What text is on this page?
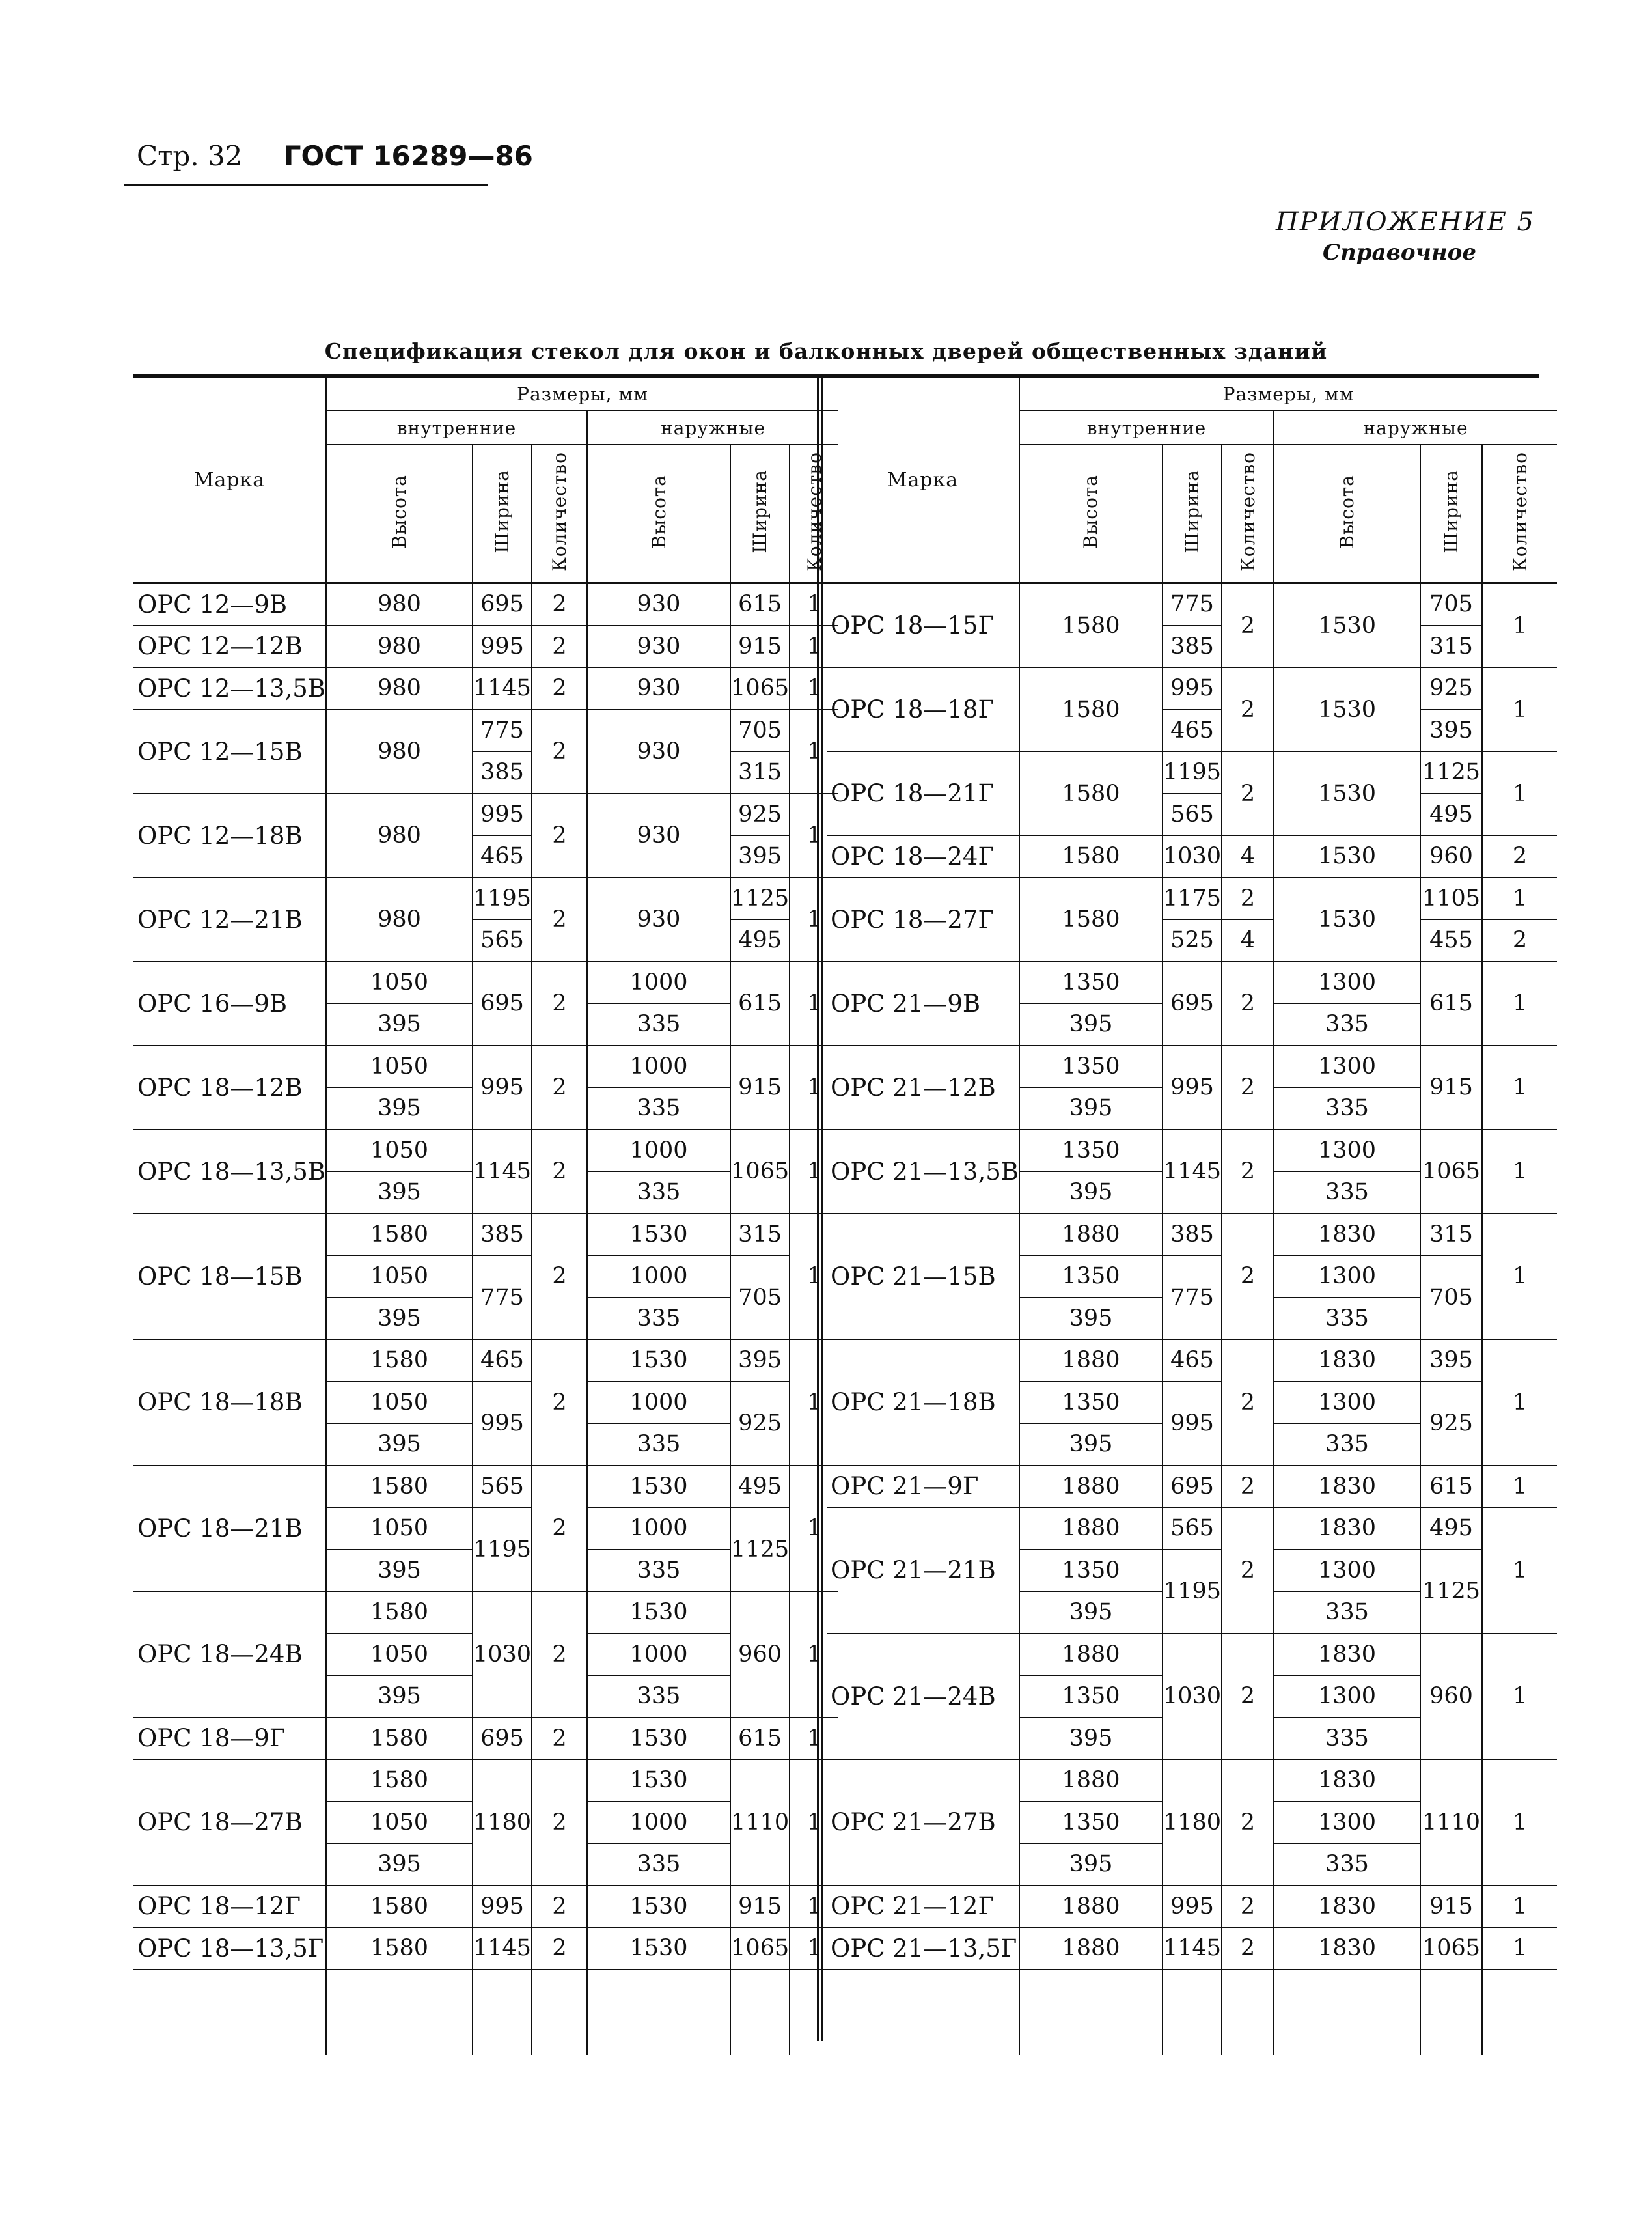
Стр. 32 ГОСТ 16289—86
ПРИЛОЖЕНИЕ 5
Справочное
Спецификация стекол для окон и балконных дверей общественных зданий
Марка	Размеры, мм					
	внутренние			наружные		
	Высота	Ширина	Количество	Высота	Ширина	Количество
ОРС 12—9В	980	695	2	930	615	1
ОРС 12—12В	980	995	2	930	915	1
ОРС 12—13,5В	980	1145	2	930	1065	1
ОРС 12—15В	980	775	2	930	705	1
		385			315	
ОРС 12—18В	980	995	2	930	925	1
		465			395	
ОРС 12—21В	980	1195	2	930	1125	1
		565			495	
ОРС 16—9В	1050	695	2	1000	615	1
	395			335		
ОРС 18—12В	1050	995	2	1000	915	1
	395			335		
ОРС 18—13,5В	1050	1145	2	1000	1065	1
	395			335		
ОРС 18—15В	1580	385	2	1530	315	1
	1050	775		1000	705	
	395			335		
ОРС 18—18В	1580	465	2	1530	395	1
	1050	995		1000	925	
	395			335		
ОРС 18—21В	1580	565	2	1530	495	1
	1050	1195		1000	1125	
	395			335		
ОРС 18—24В	1580	1030	2	1530	960	1
	1050			1000		
	395			335		
ОРС 18—9Г	1580	695	2	1530	615	1
ОРС 18—27В	1580	1180	2	1530	1110	1
	1050			1000		
	395			335		
ОРС 18—12Г	1580	995	2	1530	915	1
ОРС 18—13,5Г	1580	1145	2	1530	1065	1

Марка	Размеры, мм					
	внутренние			наружные		
	Высота	Ширина	Количество	Высота	Ширина	Количество
ОРС 18—15Г	1580	775	2	1530	705	1
		385			315	
ОРС 18—18Г	1580	995	2	1530	925	1
		465			395	
ОРС 18—21Г	1580	1195	2	1530	1125	1
		565			495	
ОРС 18—24Г	1580	1030	4	1530	960	2
ОРС 18—27Г	1580	1175	2	1530	1105	1
		525	4		455	2
ОРС 21—9В	1350	695	2	1300	615	1
	395			335		
ОРС 21—12В	1350	995	2	1300	915	1
	395			335		
ОРС 21—13,5В	1350	1145	2	1300	1065	1
	395			335		
ОРС 21—15В	1880	385	2	1830	315	1
	1350	775		1300	705	
	395			335		
ОРС 21—18В	1880	465	2	1830	395	1
	1350	995		1300	925	
	395			335		
ОРС 21—9Г	1880	695	2	1830	615	1
ОРС 21—21В	1880	565	2	1830	495	1
	1350	1195		1300	1125	
	395			335		
ОРС 21—24В	1880	1030	2	1830	960	1
	1350			1300		
	395			335		
ОРС 21—27В	1880	1180	2	1830	1110	1
	1350			1300		
	395			335		
ОРС 21—12Г	1880	995	2	1830	915	1
ОРС 21—13,5Г	1880	1145	2	1830	1065	1
